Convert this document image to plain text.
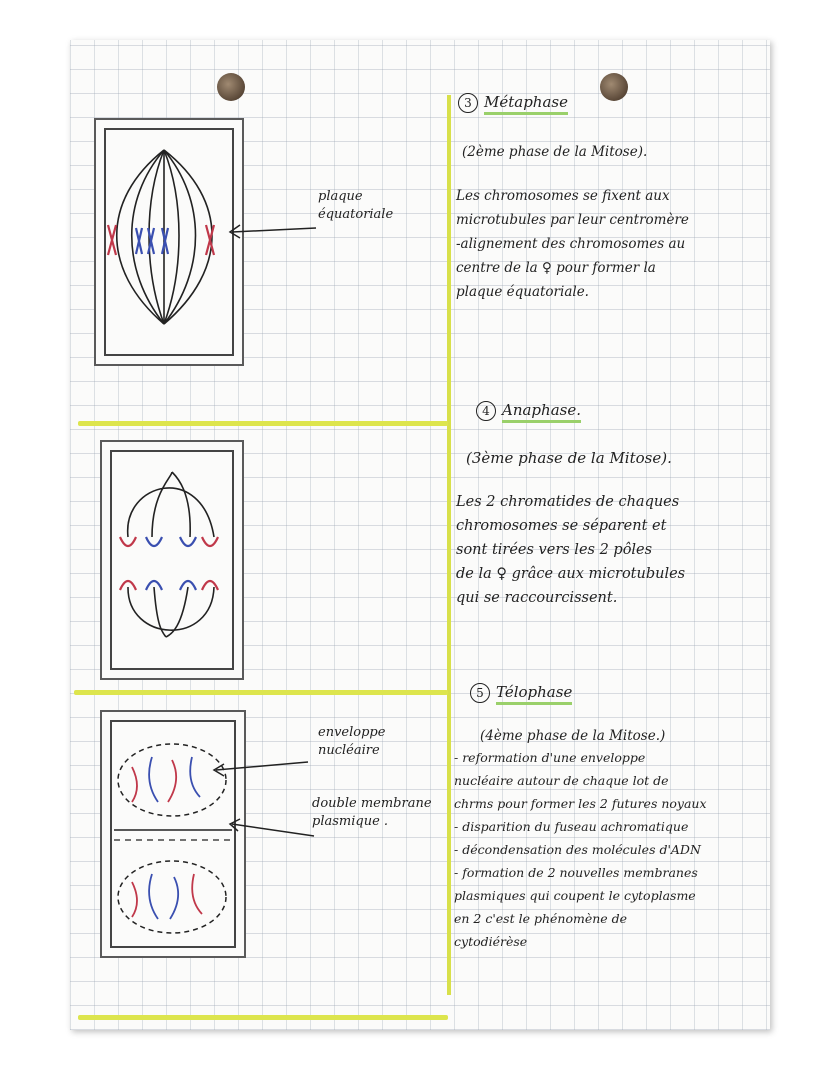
plaque
équatoriale
enveloppe
nucléaire
double membrane
plasmique .
3 Métaphase
(2ème phase de la Mitose).
Les chromosomes se fixent aux
microtubules par leur centromère
-alignement des chromosomes au
centre de la ♀ pour former la
plaque équatoriale.
4 Anaphase.
(3ème phase de la Mitose).
Les 2 chromatides de chaques
chromosomes se séparent et
sont tirées vers les 2 pôles
de la ♀ grâce aux microtubules
qui se raccourcissent.
5 Télophase
(4ème phase de la Mitose.)
- reformation d'une enveloppe
nucléaire autour de chaque lot de
chrms pour former les 2 futures noyaux
- disparition du fuseau achromatique
- décondensation des molécules d'ADN
- formation de 2 nouvelles membranes
plasmiques qui coupent le cytoplasme
en 2 c'est le phénomène de
cytodiérèse
